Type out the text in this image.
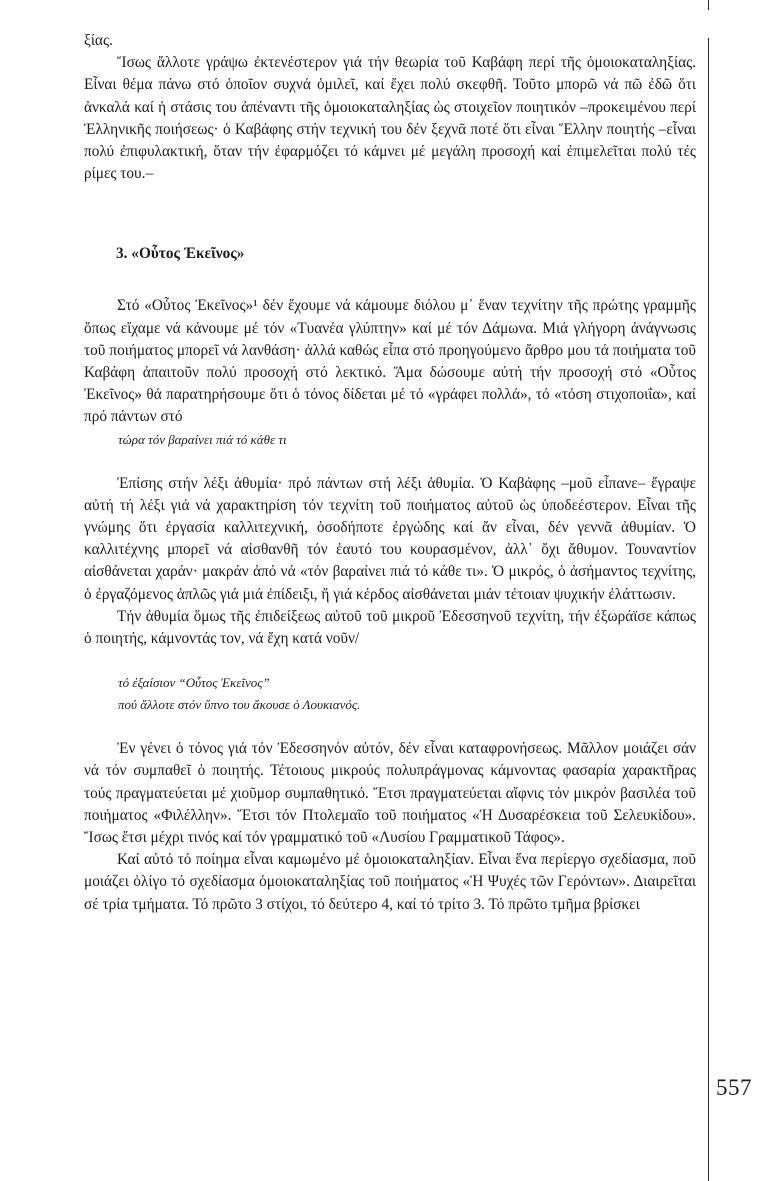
ξίας.

Ἴσως ἄλλοτε γράψω ἐκτενέστερον γιά τήν θεωρία τοῦ Καβάφη περί τῆς ὁμοιοκαταληξίας. Εἶναι θέμα πάνω στό ὁποῖον συχνά ὁμιλεῖ, καί ἔχει πολύ σκεφθῆ. Τοῦτο μπορῶ νά πῶ ἐδῶ ὅτι ἀνκαλά καί ἡ στάσις του ἀπέναντι τῆς ὁμοιοκαταληξίας ὡς στοιχεῖον ποιητικόν –προκειμένου περί Ἑλληνικῆς ποιήσεως· ὁ Καβάφης στήν τεχνική του δέν ξεχνᾶ ποτέ ὅτι εἶναι Ἕλλην ποιητής –εἶναι πολύ ἐπιφυλακτική, ὅταν τήν ἐφαρμόζει τό κάμνει μέ μεγάλη προσοχή καί ἐπιμελεῖται πολύ τές ρίμες του.–

3. «Οὗτος Ἐκεῖνος»

Στό «Οὗτος Ἐκεῖνος»¹ δέν ἔχουμε νά κάμουμε διόλου μ᾽ ἕναν τεχνίτην τῆς πρώτης γραμμῆς ὅπως εἴχαμε νά κάνουμε μέ τόν «Τυανέα γλύπτην» καί μέ τόν Δάμωνα. Μιά γλήγορη ἀνάγνωσις τοῦ ποιήματος μπορεῖ νά λανθάση· ἀλλά καθώς εἶπα στό προηγούμενο ἄρθρο μου τά ποιήματα τοῦ Καβάφη ἀπαιτοῦν πολύ προσοχή στό λεκτικό. Ἅμα δώσουμε αὐτή τήν προσοχή στό «Οὗτος Ἐκεῖνος» θά παρατηρήσουμε ὅτι ὁ τόνος δίδεται μέ τό «γράφει πολλά», τό «τόση στιχοποιΐα», καί πρό πάντων στό

τώρα τόν βαραίνει πιά τό κάθε τι

Ἐπίσης στήν λέξι ἀθυμία· πρό πάντων στή λέξι ἀθυμία. Ὁ Καβάφης –μοῦ εἶπανε– ἔγραψε αὐτή τή λέξι γιά νά χαρακτηρίση τόν τεχνίτη τοῦ ποιήματος αὐτοῦ ὡς ὑποδεέστερον. Εἶναι τῆς γνώμης ὅτι ἐργασία καλλιτεχνική, ὁσοδήποτε ἐργώδης καί ἄν εἶναι, δέν γεννᾶ ἀθυμίαν. Ὁ καλλιτέχνης μπορεῖ νά αἰσθανθῆ τόν ἑαυτό του κουρασμένον, ἀλλ᾽ ὄχι ἄθυμον. Τουναντίον αἰσθάνεται χαράν· μακράν ἀπό νά «τόν βαραίνει πιά τό κάθε τι». Ὁ μικρός, ὁ ἀσήμαντος τεχνίτης, ὁ ἐργαζόμενος ἁπλῶς γιά μιά ἐπίδειξι, ἤ γιά κέρδος αἰσθάνεται μιάν τέτοιαν ψυχικήν ἐλάττωσιν.

Τήν ἀθυμία ὅμως τῆς ἐπιδείξεως αὐτοῦ τοῦ μικροῦ Ἐδεσσηνοῦ τεχνίτη, τήν ἐξωράϊσε κάπως ὁ ποιητής, κάμνοντάς τον, νά ἔχη κατά νοῦν/

τό ἐξαίσιον “Οὗτος Ἐκεῖνος”

πού ἄλλοτε στόν ὕπνο του ἄκουσε ὁ Λουκιανός.

Ἐν γένει ὁ τόνος γιά τόν Ἐδεσσηνόν αὐτόν, δέν εἶναι καταφρονήσεως. Μᾶλλον μοιάζει σάν νά τόν συμπαθεῖ ὁ ποιητής. Τέτοιους μικρούς πολυπράγμονας κάμνοντας φασαρία χαρακτῆρας τούς πραγματεύεται μέ χιοῦμορ συμπαθητικό. Ἔτσι πραγματεύεται αἴφνις τόν μικρόν βασιλέα τοῦ ποιήματος «Φιλέλλην». Ἔτσι τόν Πτολεμαῖο τοῦ ποιήματος «Ἡ Δυσαρέσκεια τοῦ Σελευκίδου». Ἴσως ἔτσι μέχρι τινός καί τόν γραμματικό τοῦ «Λυσίου Γραμματικοῦ Τάφος».

Καί αὐτό τό ποίημα εἶναι καμωμένο μέ ὁμοιοκαταληξίαν. Εἶναι ἕνα περίεργο σχεδίασμα, ποῦ μοιάζει ὀλίγο τό σχεδίασμα ὁμοιοκαταληξίας τοῦ ποιήματος «Ἡ Ψυχές τῶν Γερόντων». Διαιρεῖται σέ τρία τμήματα. Τό πρῶτο 3 στίχοι, τό δεύτερο 4, καί τό τρίτο 3. Τό πρῶτο τμῆμα βρίσκει

557
